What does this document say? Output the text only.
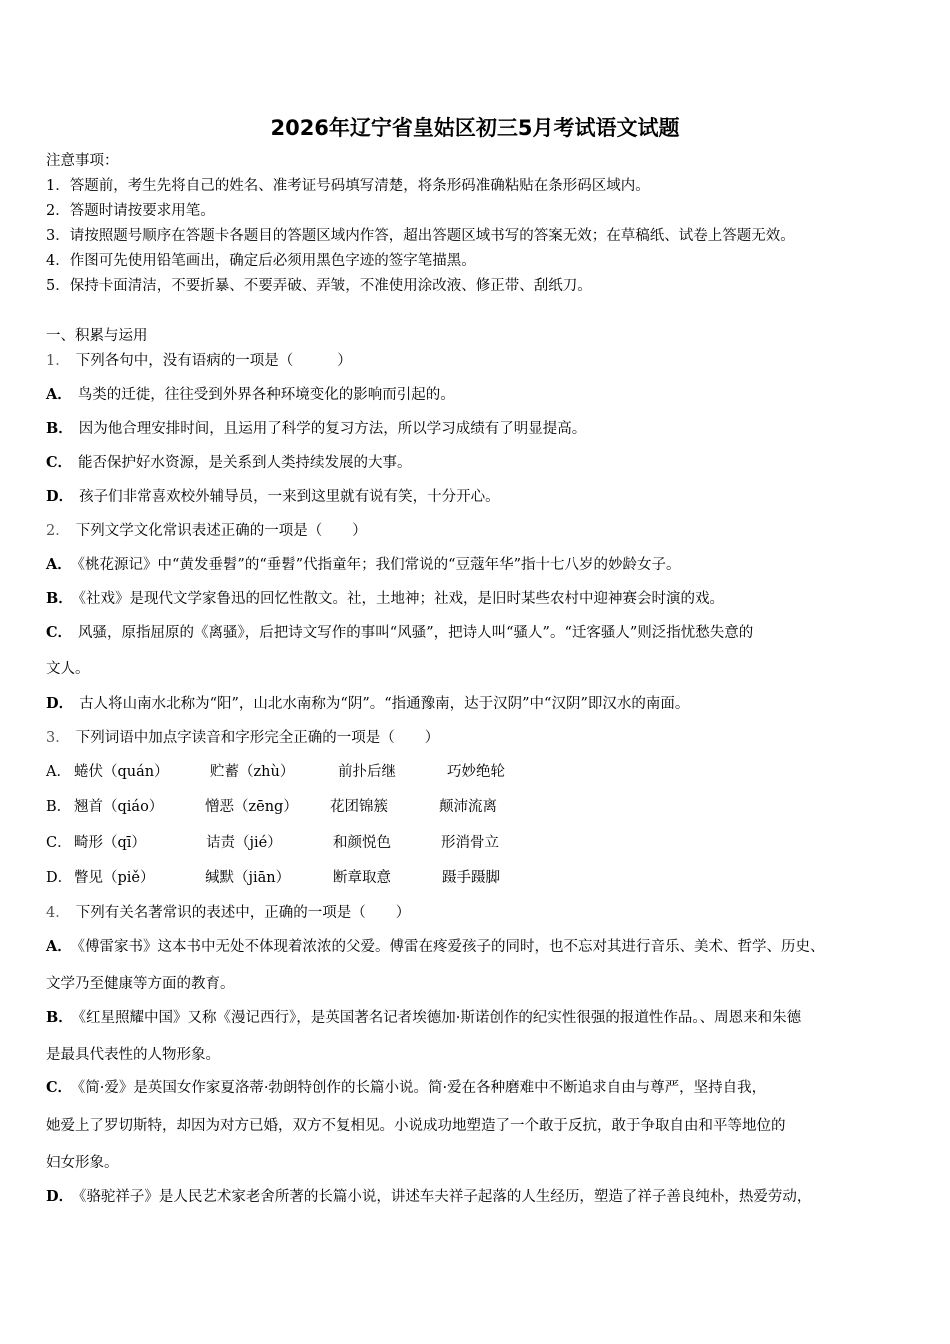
2026年辽宁省皇姑区初三5月考试语文试题
注意事项：
1．答题前，考生先将自己的姓名、准考证号码填写清楚，将条形码准确粘贴在条形码区域内。
2．答题时请按要求用笔。
3．请按照题号顺序在答题卡各题目的答题区域内作答，超出答题区域书写的答案无效；在草稿纸、试卷上答题无效。
4．作图可先使用铅笔画出，确定后必须用黑色字迹的签字笔描黑。
5．保持卡面清洁，不要折暴、不要弄破、弄皱，不准使用涂改液、修正带、刮纸刀。
一、积累与运用
1． 下列各句中，没有语病的一项是（	）
A． 鸟类的迁徙，往往受到外界各种环境变化的影响而引起的。
B． 因为他合理安排时间，且运用了科学的复习方法，所以学习成绩有了明显提高。
C． 能否保护好水资源，是关系到人类持续发展的大事。
D． 孩子们非常喜欢校外辅导员，一来到这里就有说有笑，十分开心。
2． 下列文学文化常识表述正确的一项是（ ）
A． 《桃花源记》中“黄发垂髫”的“垂髫”代指童年；我们常说的“豆蔻年华”指十七八岁的妙龄女子。
B． 《社戏》是现代文学家鲁迅的回忆性散文。社，土地神；社戏，是旧时某些农村中迎神赛会时演的戏。
C． 风骚，原指屈原的《离骚》，后把诗文写作的事叫“风骚”，把诗人叫“骚人”。“迁客骚人”则泛指忧愁失意的
文人。
D． 古人将山南水北称为“阳”，山北水南称为“阴”。“指通豫南，达于汉阴”中“汉阴”即汉水的南面。
3． 下列词语中加点字读音和字形完全正确的一项是（ ）
A． 蜷伏（quán）	贮蓄（zhù）	前扑后继	巧妙绝轮
B． 翘首（qiáo）	憎恶（zēng） 花团锦簇	颠沛流离
C． 畸形（qī）	诘责（jié）	和颜悦色	形消骨立
D． 瞥见（piě）	缄默（jiān）	断章取意	蹑手蹑脚
4． 下列有关名著常识的表述中，正确的一项是（ ）
A． 《傅雷家书》这本书中无处不体现着浓浓的父爱。傅雷在疼爱孩子的同时，也不忘对其进行音乐、美术、哲学、历史、
文学乃至健康等方面的教育。
B． 《红星照耀中国》又称《漫记西行》，是英国著名记者埃德加·斯诺创作的纪实性很强的报道性作品。、周恩来和朱德
是最具代表性的人物形象。
C． 《简·爱》是英国女作家夏洛蒂·勃朗特创作的长篇小说。简·爱在各种磨难中不断追求自由与尊严，坚持自我，
她爱上了罗切斯特，却因为对方已婚，双方不复相见。小说成功地塑造了一个敢于反抗，敢于争取自由和平等地位的
妇女形象。
D． 《骆驼祥子》是人民艺术家老舍所著的长篇小说，讲述车夫祥子起落的人生经历，塑造了祥子善良纯朴，热爱劳动，
